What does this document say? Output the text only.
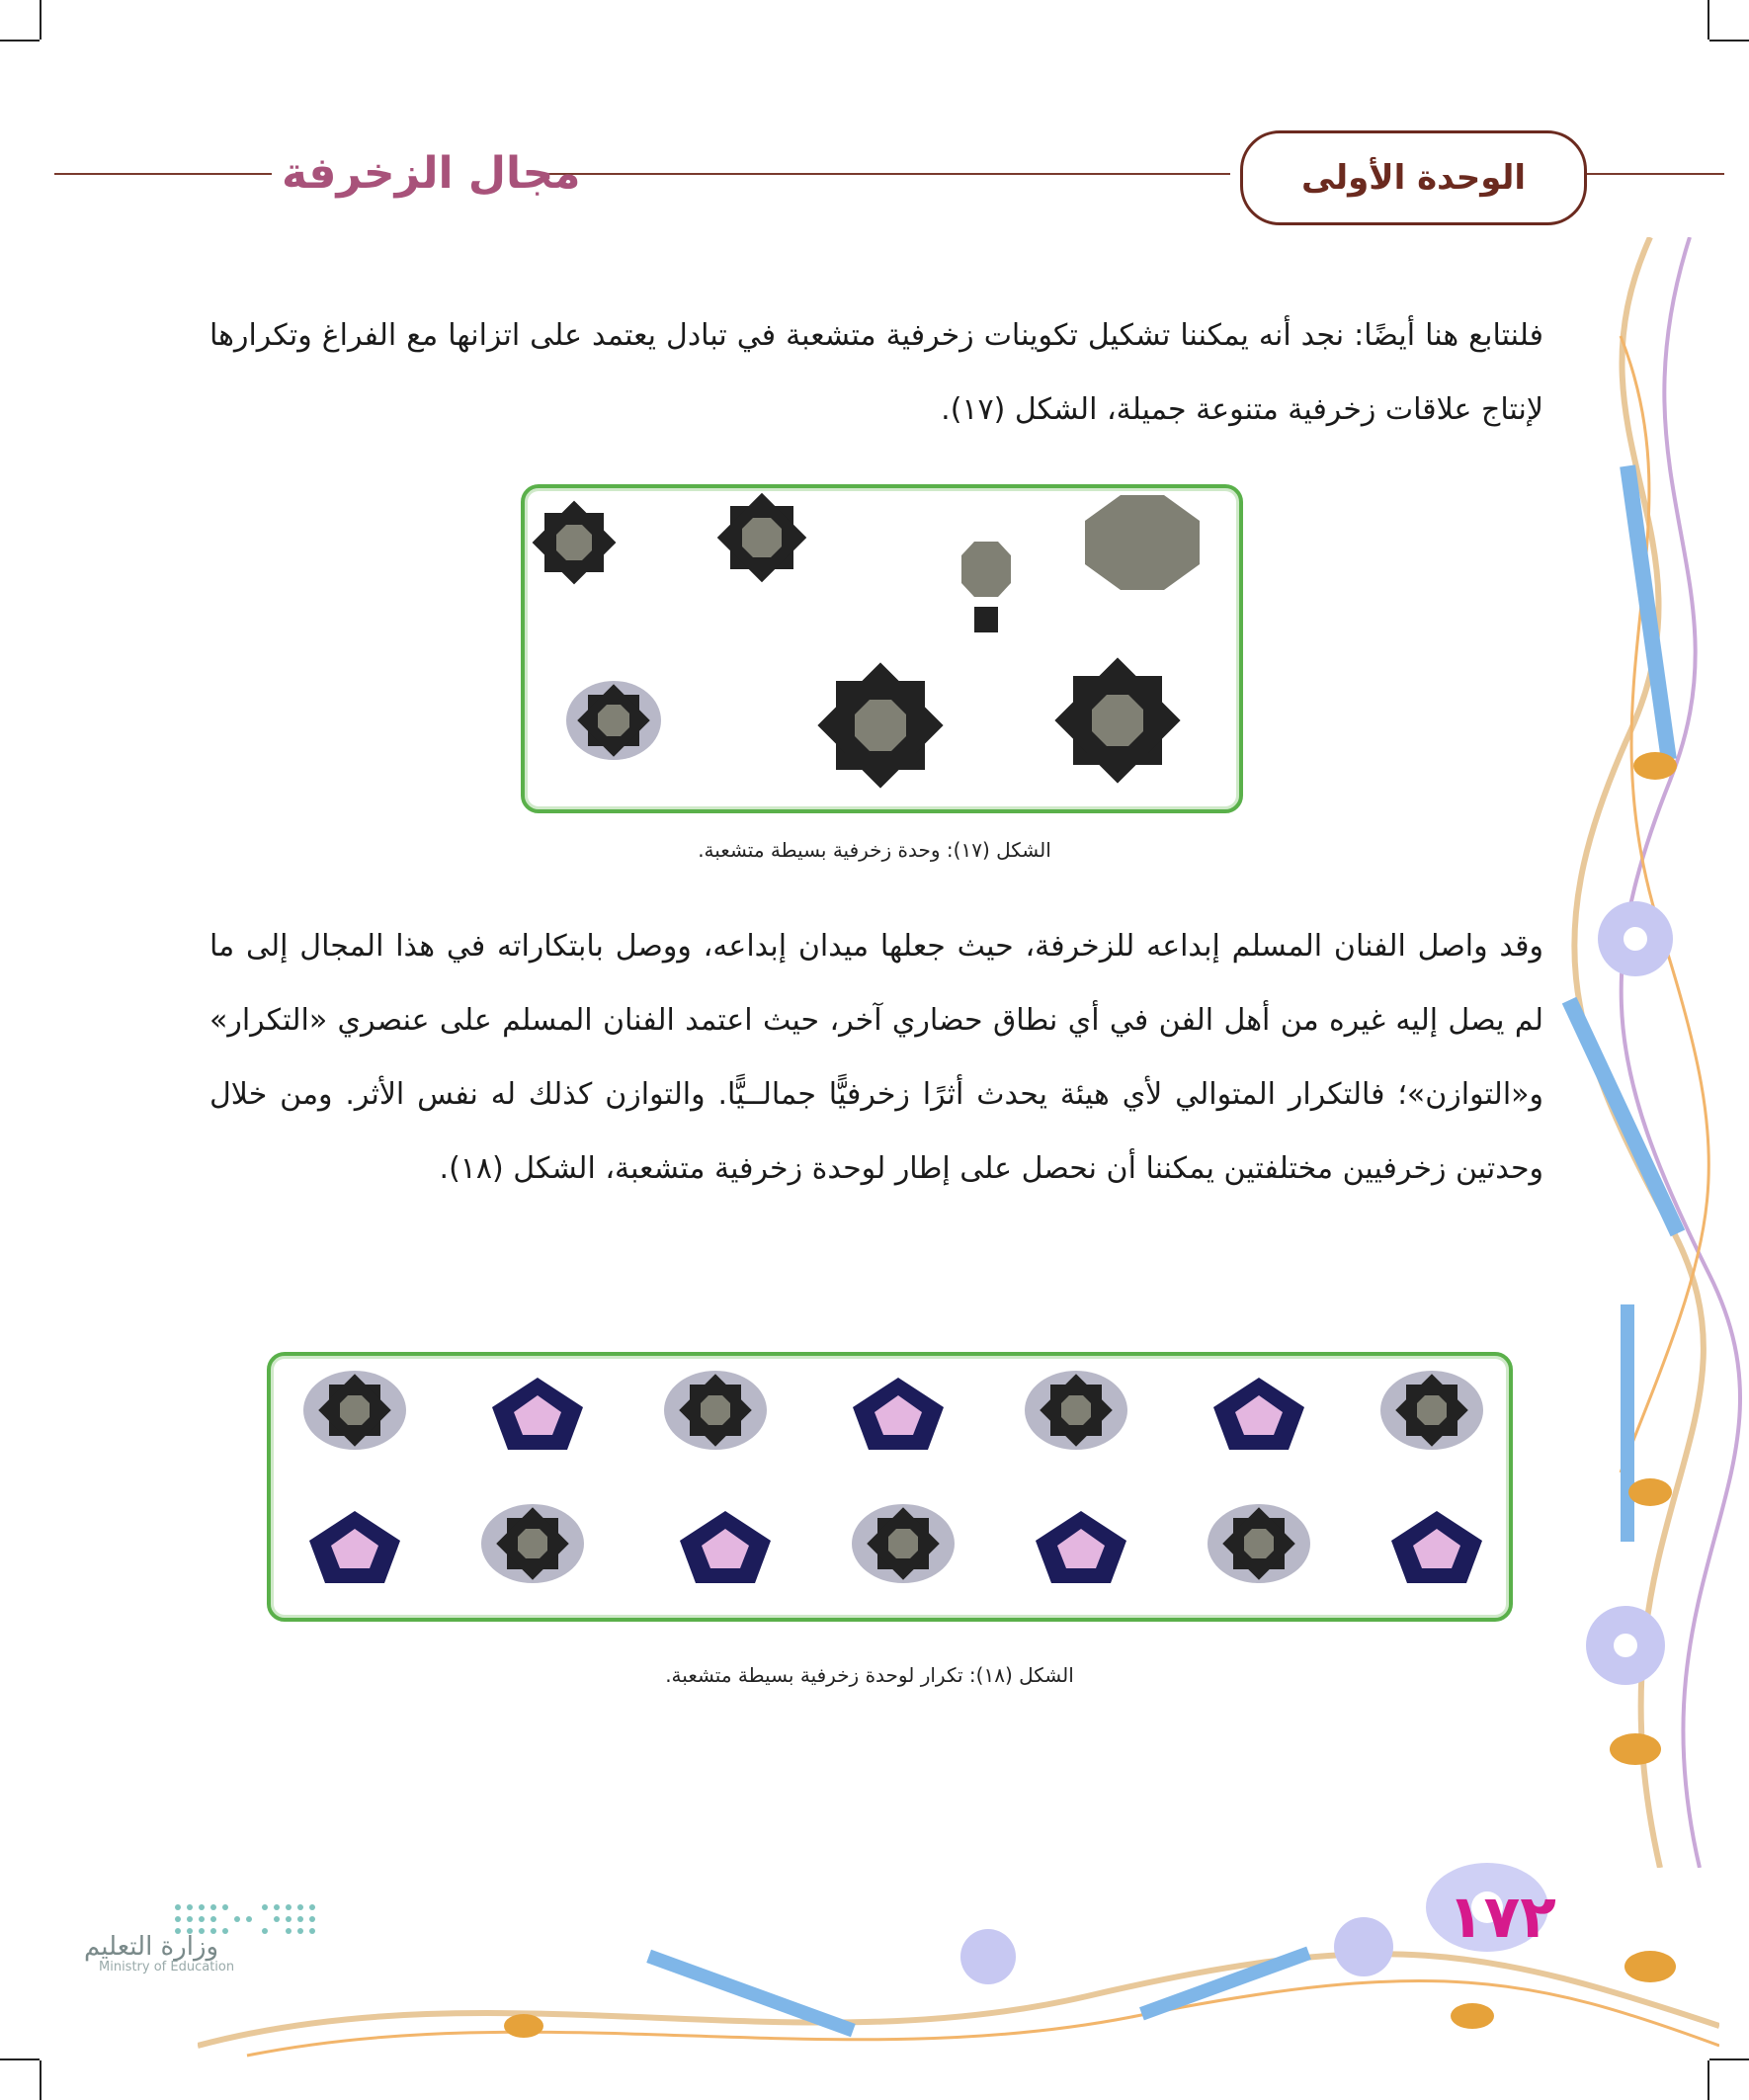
مجال الزخرفة	الوحدة الأولى
فلنتابع هنا أيضًا: نجد أنه يمكننا تشكيل تكوينات زخرفية متشعبة في تبادل يعتمد على اتزانها مع الفراغ وتكرارها لإنتاج علاقات زخرفية متنوعة جميلة، الشكل (١٧).
الشكل (١٧): وحدة زخرفية بسيطة متشعبة.
وقد واصل الفنان المسلم إبداعه للزخرفة، حيث جعلها ميدان إبداعه، ووصل بابتكاراته في هذا المجال إلى ما لم يصل إليه غيره من أهل الفن في أي نطاق حضاري آخر، حيث اعتمد الفنان المسلم على عنصري «التكرار» و«التوازن»؛ فالتكرار المتوالي لأي هيئة يحدث أثرًا زخرفيًّا جمالــيًّا. والتوازن كذلك له نفس الأثر. ومن خلال وحدتين زخرفيين مختلفتين يمكننا أن نحصل على إطار لوحدة زخرفية متشعبة، الشكل (١٨).
الشكل (١٨): تكرار لوحدة زخرفية بسيطة متشعبة.
١٧٢
وزارة التعليم
Ministry of Education
